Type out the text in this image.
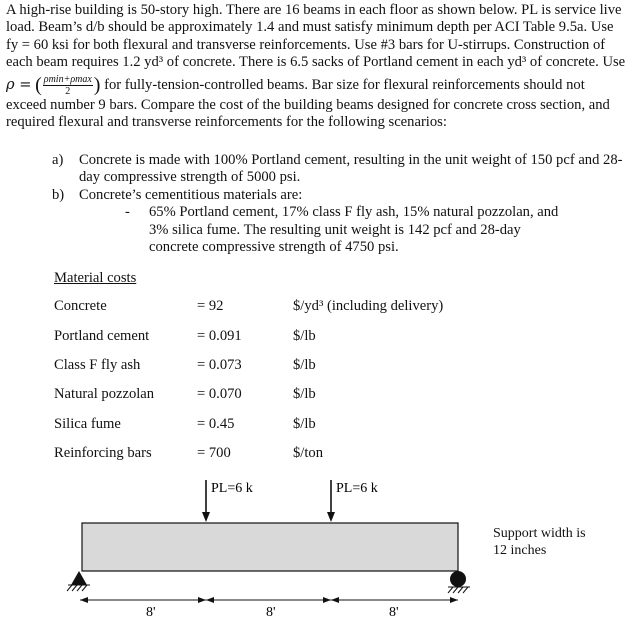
A high-rise building is 50-story high. There are 16 beams in each floor as shown below. PL is service live

load. Beam’s d/b should be approximately 1.4 and must satisfy minimum depth per ACI Table 9.5a. Use

fy = 60 ksi for both flexural and transverse reinforcements. Use #3 bars for U-stirrups. Construction of

each beam requires 1.2 yd³ of concrete. There is 6.5 sacks of Portland cement in each yd³ of concrete. Use

ρ = ( $\frac{\rho\min+\rho\max}{2}$ ) for fully-tension-controlled beams. Bar size for flexural reinforcements should not

exceed number 9 bars. Compare the cost of the building beams designed for concrete cross section, and

required flexural and transverse reinforcements for the following scenarios:

a) Concrete is made with 100% Portland cement, resulting in the unit weight of 150 pcf and 28-day compressive strength of 5000 psi.
b) Concrete’s cementitious materials are:
- 65% Portland cement, 17% class F fly ash, 15% natural pozzolan, and 3% silica fume. The resulting unit weight is 142 pcf and 28-day concrete compressive strength of 4750 psi.
Material costs
Concrete	= 92	$/yd³ (including delivery)
Portland cement	= 0.091	$/lb
Class F fly ash	= 0.073	$/lb
Natural pozzolan	= 0.070	$/lb
Silica fume	= 0.45	$/lb
Reinforcing bars	= 700	$/ton
PL=6 k	PL=6 k
8'	8'	8'
Support width is 12 inches
